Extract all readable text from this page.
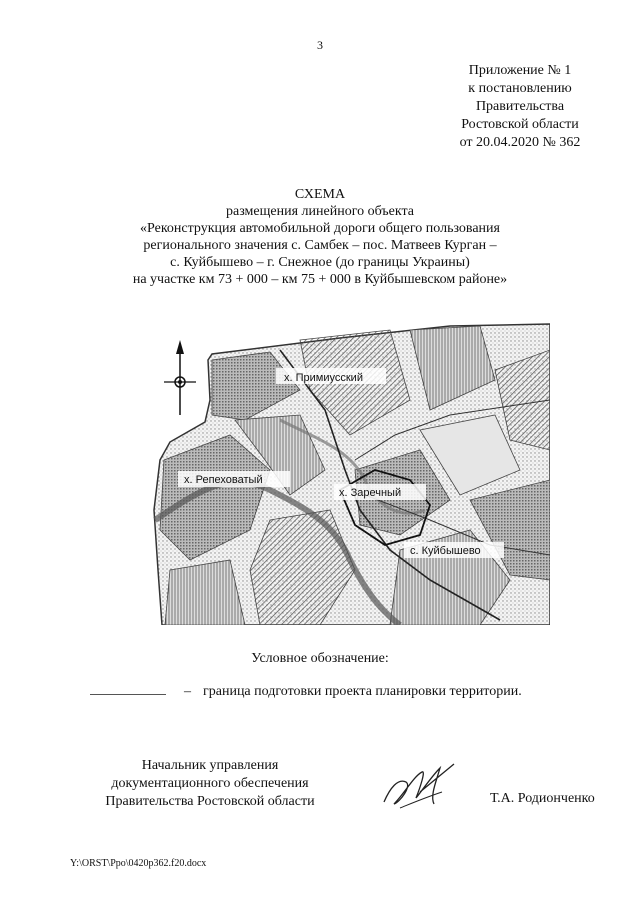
3
Приложение № 1
к постановлению
Правительства
Ростовской области
от 20.04.2020 № 362
СХЕМА
размещения линейного объекта
«Реконструкция автомобильной дороги общего пользования
регионального значения с. Самбек – пос. Матвеев Курган –
с. Куйбышево – г. Снежное (до границы Украины)
на участке км 73 + 000 – км 75 + 000 в Куйбышевском районе»
х. Примиусский
х. Репеховатый
х. Заречный
с. Куйбышево
Условное обозначение:
– граница подготовки проекта планировки территории.
Начальник управления
документационного обеспечения
Правительства Ростовской области	Т.А. Родионченко
Y:\ORST\Ppo\0420p362.f20.docx
